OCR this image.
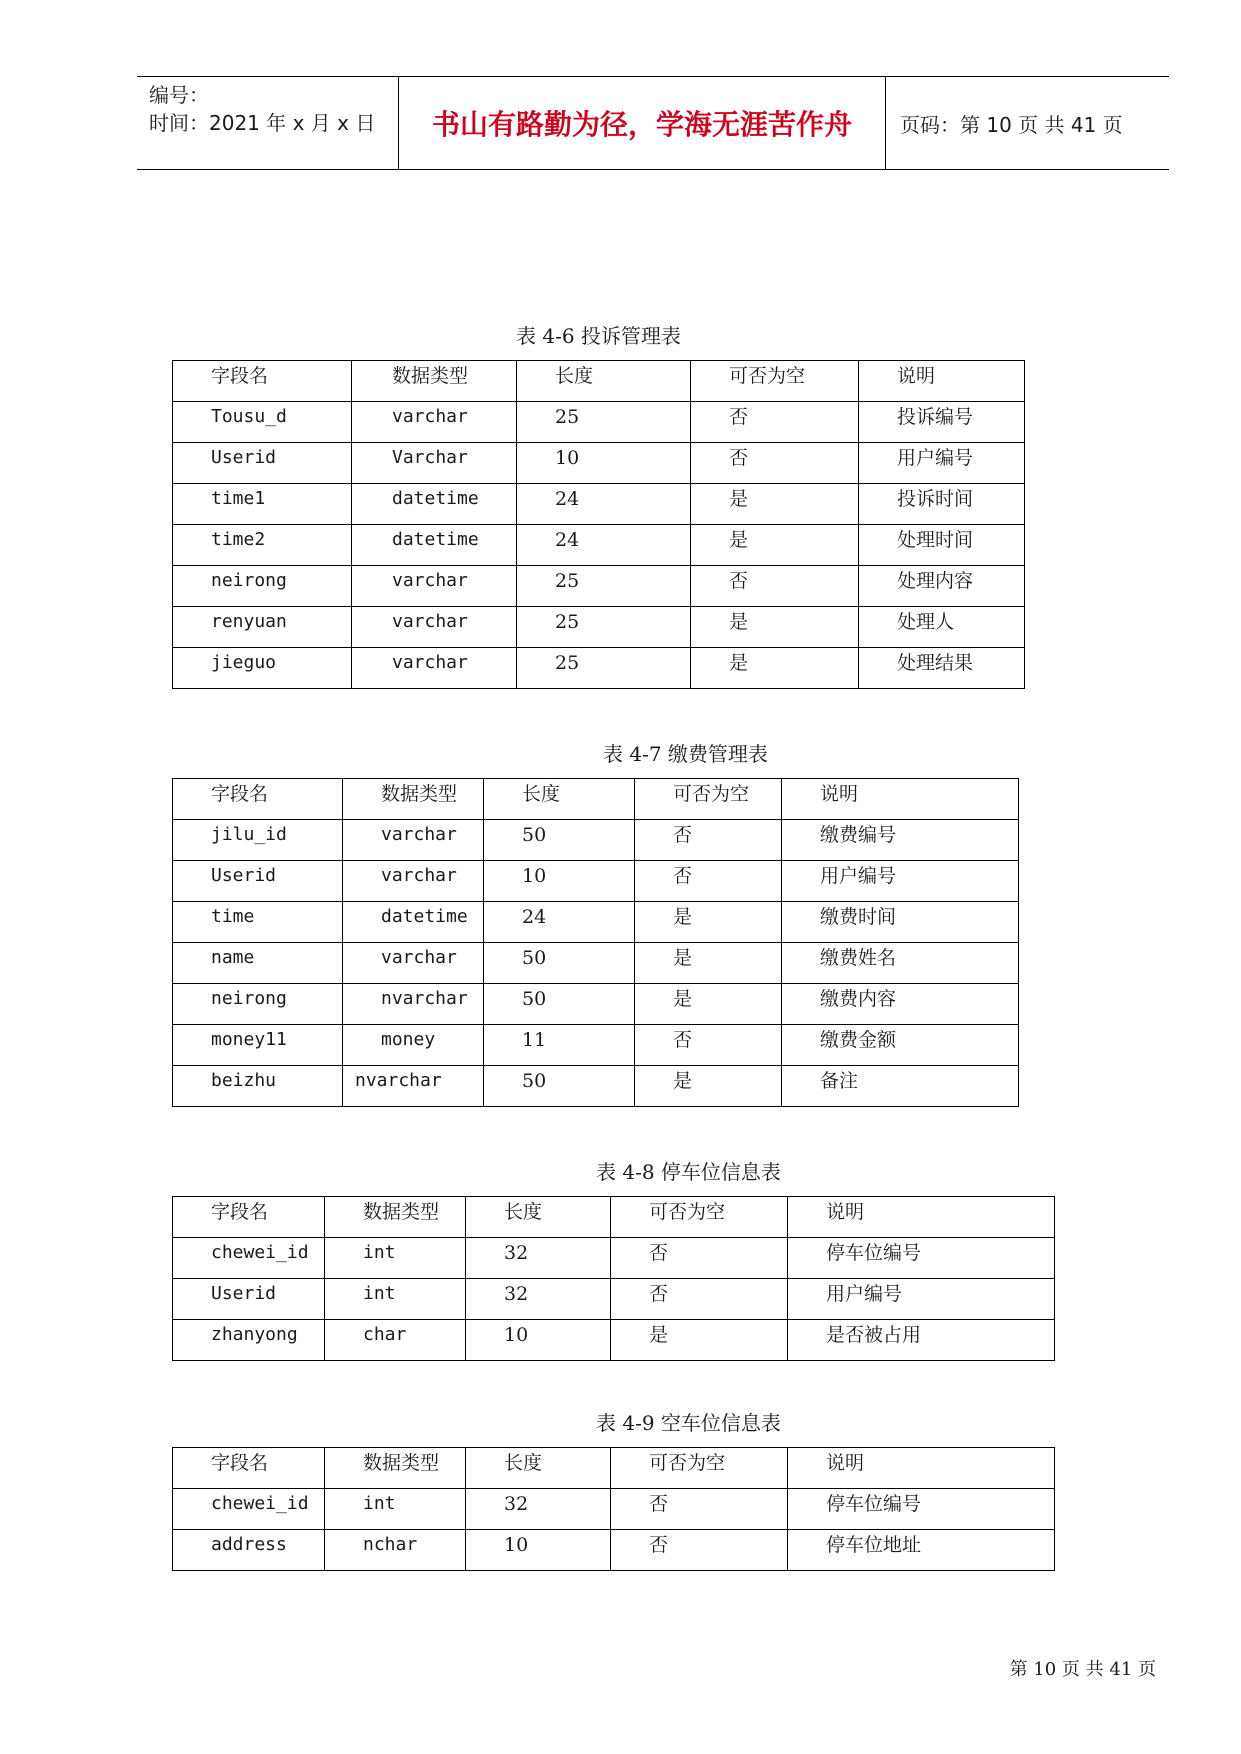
编号：
时间：2021 年 x 月 x 日	书山有路勤为径，学海无涯苦作舟	页码：第 10 页 共 41 页
表 4-6 投诉管理表
字段名	数据类型	长度	可否为空	说明
Tousu_d	varchar	25	否	投诉编号
Userid	Varchar	10	否	用户编号
time1	datetime	24	是	投诉时间
time2	datetime	24	是	处理时间
neirong	varchar	25	否	处理内容
renyuan	varchar	25	是	处理人
jieguo	varchar	25	是	处理结果
表 4-7 缴费管理表
字段名	数据类型	长度	可否为空	说明
jilu_id	varchar	50	否	缴费编号
Userid	varchar	10	否	用户编号
time	datetime	24	是	缴费时间
name	varchar	50	是	缴费姓名
neirong	nvarchar	50	是	缴费内容
money11	money	11	否	缴费金额
beizhu	nvarchar	50	是	备注
表 4-8 停车位信息表
字段名	数据类型	长度	可否为空	说明
chewei_id	int	32	否	停车位编号
Userid	int	32	否	用户编号
zhanyong	char	10	是	是否被占用
表 4-9 空车位信息表
字段名	数据类型	长度	可否为空	说明
chewei_id	int	32	否	停车位编号
address	nchar	10	否	停车位地址
第 10 页 共 41 页
